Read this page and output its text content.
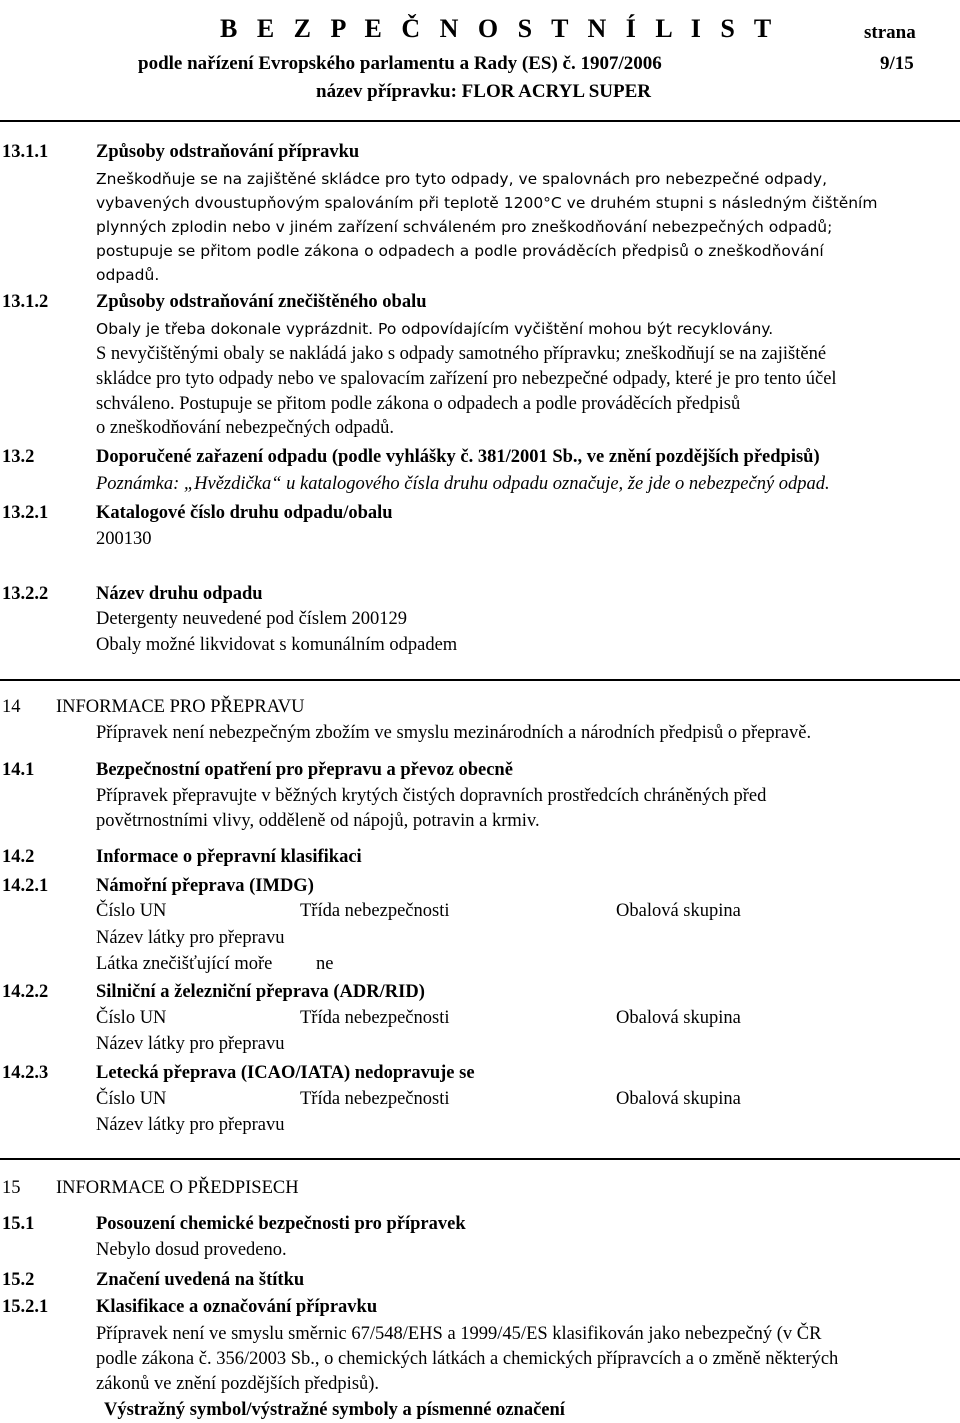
B E Z P E Č N O S T N Í L I S T	strana
podle nařízení Evropského parlamentu a Rady (ES) č. 1907/2006	9/15
název přípravku: FLOR ACRYL SUPER
13.1.1	Způsoby odstraňování přípravku
Zneškodňuje se na zajištěné skládce pro tyto odpady, ve spalovnách pro nebezpečné odpady,
vybavených dvoustupňovým spalováním při teplotě 1200°C ve druhém stupni s následným čištěním
plynných zplodin nebo v jiném zařízení schváleném pro zneškodňování nebezpečných odpadů;
postupuje se přitom podle zákona o odpadech a podle prováděcích předpisů o zneškodňování
odpadů.
13.1.2	Způsoby odstraňování znečištěného obalu
Obaly je třeba dokonale vyprázdnit. Po odpovídajícím vyčištění mohou být recyklovány.
S nevyčištěnými obaly se nakládá jako s odpady samotného přípravku; zneškodňují se na zajištěné
skládce pro tyto odpady nebo ve spalovacím zařízení pro nebezpečné odpady, které je pro tento účel
schváleno. Postupuje se přitom podle zákona o odpadech a podle prováděcích předpisů
o zneškodňování nebezpečných odpadů.
13.2	Doporučené zařazení odpadu (podle vyhlášky č. 381/2001 Sb., ve znění pozdějších předpisů)
Poznámka: „Hvězdička“ u katalogového čísla druhu odpadu označuje, že jde o nebezpečný odpad.
13.2.1	Katalogové číslo druhu odpadu/obalu
200130
13.2.2	Název druhu odpadu
Detergenty neuvedené pod číslem 200129
Obaly možné likvidovat s komunálním odpadem
14 INFORMACE PRO PŘEPRAVU
Přípravek není nebezpečným zbožím ve smyslu mezinárodních a národních předpisů o přepravě.
14.1	Bezpečnostní opatření pro přepravu a převoz obecně
Přípravek přepravujte v běžných krytých čistých dopravních prostředcích chráněných před
povětrnostními vlivy, odděleně od nápojů, potravin a krmiv.
14.2	Informace o přepravní klasifikaci
14.2.1	Námořní přeprava (IMDG)
Číslo UN	Třída nebezpečnosti	Obalová skupina
Název látky pro přepravu
Látka znečišťující moře ne
14.2.2	Silniční a železniční přeprava (ADR/RID)
Číslo UN	Třída nebezpečnosti	Obalová skupina
Název látky pro přepravu
14.2.3	Letecká přeprava (ICAO/IATA) nedopravuje se
Číslo UN	Třída nebezpečnosti	Obalová skupina
Název látky pro přepravu
15 INFORMACE O PŘEDPISECH
15.1	Posouzení chemické bezpečnosti pro přípravek
Nebylo dosud provedeno.
15.2	Značení uvedená na štítku
15.2.1	Klasifikace a označování přípravku
Přípravek není ve smyslu směrnic 67/548/EHS a 1999/45/ES klasifikován jako nebezpečný (v ČR
podle zákona č. 356/2003 Sb., o chemických látkách a chemických přípravcích a o změně některých
zákonů ve znění pozdějších předpisů).
Výstražný symbol/výstražné symboly a písmenné označení
